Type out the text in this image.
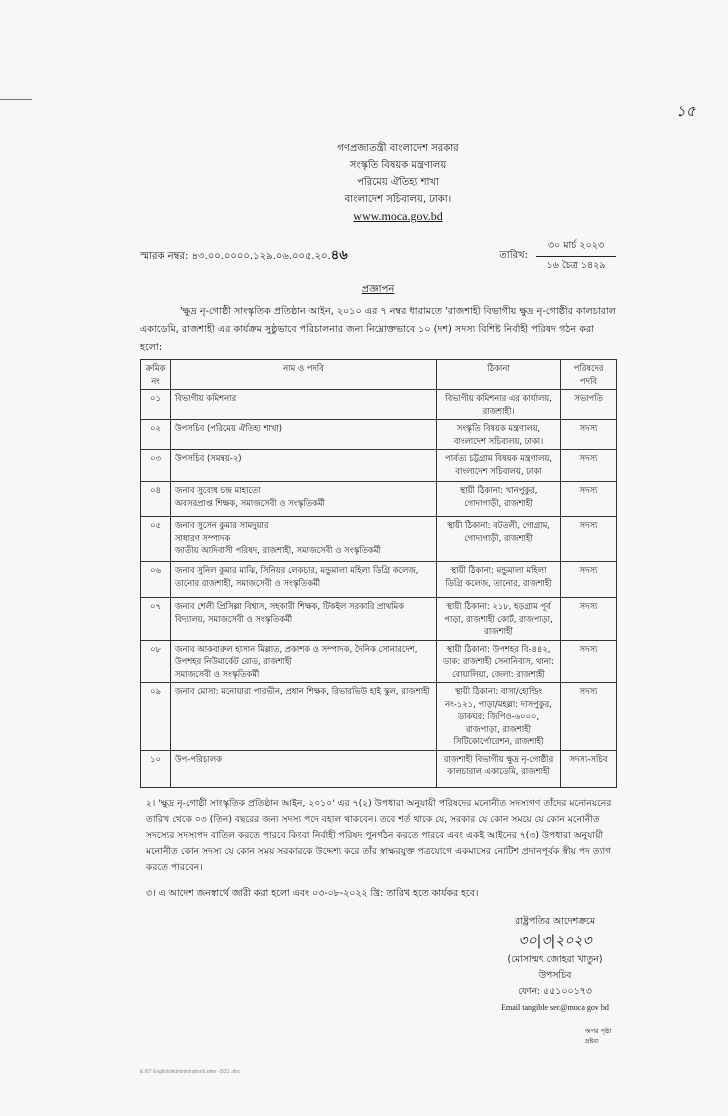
১৫
গণপ্রজাতন্ত্রী বাংলাদেশ সরকার
সংস্কৃতি বিষয়ক মন্ত্রণালয়
পরিমেয় ঐতিহ্য শাখা
বাংলাদেশ সচিবালয়, ঢাকা।
www.moca.gov.bd
স্মারক নম্বর: ৪৩.০০.০০০০.১২৯.০৬.০০৫.২০.৪৬	তারিখ:
৩০ মার্চ ২০২৩
১৬ চৈত্র ১৪২৯
প্রজ্ঞাপন
'ক্ষুদ্র নৃ-গোষ্ঠী সাংস্কৃতিক প্রতিষ্ঠান আইন, ২০১০ এর ৭ নম্বর ধারামতে 'রাজশাহী বিভাগীয় ক্ষুদ্র নৃ-গোষ্ঠীর কালচারাল একাডেমি, রাজশাহী এর কার্যক্রম সুষ্ঠুভাবে পরিচালনার জন্য নিম্নোক্তভাবে ১০ (দশ) সদস্য বিশিষ্ট নির্বাহী পরিষদ গঠন করা হলো:
ক্রমিক নং	নাম ও পদবি	ঠিকানা	পরিষদের পদবি
০১	বিভাগীয় কমিশনার	বিভাগীয় কমিশনার এর কার্যালয়, রাজশাহী।	সভাপতি
০২	উপসচিব (পরিমেয় ঐতিহ্য শাখা)	সংস্কৃতি বিষয়ক মন্ত্রণালয়, বাংলাদেশ সচিবালয়, ঢাকা।	সদস্য
০৩	উপসচিব (সমন্বয়-২)	পার্বত্য চট্টগ্রাম বিষয়ক মন্ত্রণালয়, বাংলাদেশ সচিবালয়, ঢাকা	সদস্য
০৪	জনাব সুবোধ চন্দ্র মাহাতো
অবসরপ্রাপ্ত শিক্ষক, সমাজসেবী ও সংস্কৃতিকর্মী	স্থায়ী ঠিকানা: খানপুকুর, গোদাগাড়ী, রাজশাহী	সদস্য
০৫	জনাব সুসেন কুমার সামদুয়ার
সাধারণ সম্পাদক
জাতীয় আদিবাসী পরিষদ, রাজশাহী, সমাজসেবী ও সংস্কৃতিকর্মী	স্থায়ী ঠিকানা: বটতলী, গোগ্রাম, গোদাগাড়ী, রাজশাহী	সদস্য
০৬	জনাব সুনিল কুমার মাঝি, সিনিয়র লেকচার, মন্ডুমালা মহিলা ডিগ্রি কলেজ, তানোর রাজশাহী, সমাজসেবী ও সংস্কৃতিকর্মী	স্থায়ী ঠিকানা: মন্ডুমালা মহিলা ডিগ্রি কলেজ, তানোর, রাজশাহী	সদস্য
০৭	জনাব শেলী প্রিসিল্লা বিশ্বাস, সহকারী শিক্ষক, টিকইল সরকারি প্রাথমিক বিদ্যালয়, সমাজসেবী ও সংস্কৃতিকর্মী	স্থায়ী ঠিকানা: ২১৮, হড়গ্রাম পূর্ব পাড়া, রাজশাহী কোর্ট, রাজপাড়া, রাজশাহী	সদস্য
০৮	জনাব আকবারুল হাসান মিল্লাত, প্রকাশক ও সম্পাদক, দৈনিক সোনারদেশ, উপশহর নিউমার্কেট রোড, রাজশাহী
সমাজসেবী ও সংস্কৃতিকর্মী	স্থায়ী ঠিকানা: উপশহর বি-৪৪২, ডাক: রাজশাহী সেনানিবাস, থানা: বোয়ালিয়া, জেলা: রাজশাহী	সদস্য
০৯	জনাব মোসা: মনোয়ারা পারভীন, প্রধান শিক্ষক, রিভারভিউ হাই স্কুল, রাজশাহী	স্থায়ী ঠিকানা: বাসা/হোল্ডিং নং-১২১, পাড়া/মহল্লা: দাসপুকুর, ডাকঘর: জিপিও-৬০০০, রাজপাড়া, রাজশাহী সিটিকোর্পোরেশন, রাজশাহী	সদস্য
১০	উপ-পরিচালক	রাজশাহী বিভাগীয় ক্ষুদ্র নৃ-গোষ্ঠীর কালচারাল একাডেমি, রাজশাহী	সদস্য-সচিব
২। 'ক্ষুদ্র নৃ-গোষ্ঠী সাংস্কৃতিক প্রতিষ্ঠান আইন, ২০১০' এর ৭(২) উপধারা অনুযায়ী পরিষদের মনোনীত সদস্যগণ তাঁদের মনোনয়নের তারিখ থেকে ০৩ (তিন) বছরের জন্য সদস্য পদে বহাল থাকবেন। তবে শর্ত থাকে যে, সরকার যে কোন সময়ে যে কোন মনোনীত সদস্যের সদস্যপদ বাতিল করতে পারবে কিংবা নির্বাহী পরিষদ পুনর্গঠন করতে পারবে এবং একই আইনের ৭(৩) উপধারা অনুযায়ী মনোনীত কোন সদস্য যে কোন সময় সরকারকে উদ্দেশ্য করে তাঁর স্বাক্ষরযুক্ত পত্রযোগে একমাসের নোটিশ প্রদানপূর্বক স্বীয় পদ ত্যাগ করতে পারবেন।
৩। এ আদেশ জনস্বার্থে জারী করা হলো এবং ০৩-০৮-২০২২ খ্রি: তারিখ হতে কার্যকর হবে।
রাষ্ট্রপতির আদেশক্রমে
৩০|৩|২০২৩
(মোসাম্মৎ জোহরা খাতুন)
উপসচিব
ফোন: ৫৫১০০১৭৩
Email tangible sec@moca gov bd
অপর পৃষ্ঠা দ্রষ্টব্য
E:\67 English\Administration\Letter -3\21 .doc
